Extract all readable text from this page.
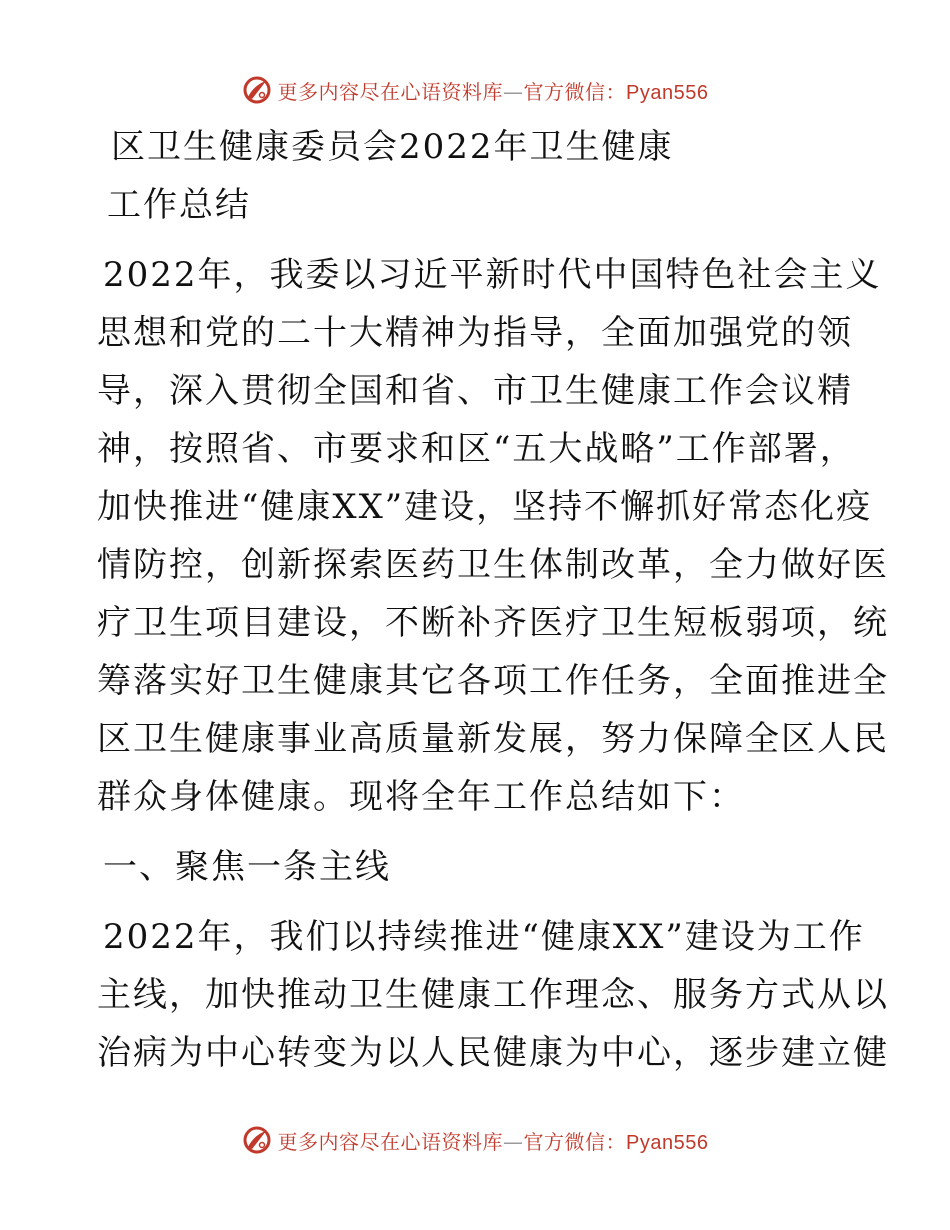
更多内容尽在心语资料库—官方微信：Pyan556
区卫生健康委员会2022年卫生健康
工作总结
2022年，我委以习近平新时代中国特色社会主义
思想和党的二十大精神为指导，全面加强党的领
导，深入贯彻全国和省、市卫生健康工作会议精
神，按照省、市要求和区“五大战略”工作部署，
加快推进“健康XX”建设，坚持不懈抓好常态化疫
情防控，创新探索医药卫生体制改革，全力做好医
疗卫生项目建设，不断补齐医疗卫生短板弱项，统
筹落实好卫生健康其它各项工作任务，全面推进全
区卫生健康事业高质量新发展，努力保障全区人民
群众身体健康。现将全年工作总结如下：
一、聚焦一条主线
2022年，我们以持续推进“健康XX”建设为工作
主线，加快推动卫生健康工作理念、服务方式从以
治病为中心转变为以人民健康为中心，逐步建立健
更多内容尽在心语资料库—官方微信：Pyan556
